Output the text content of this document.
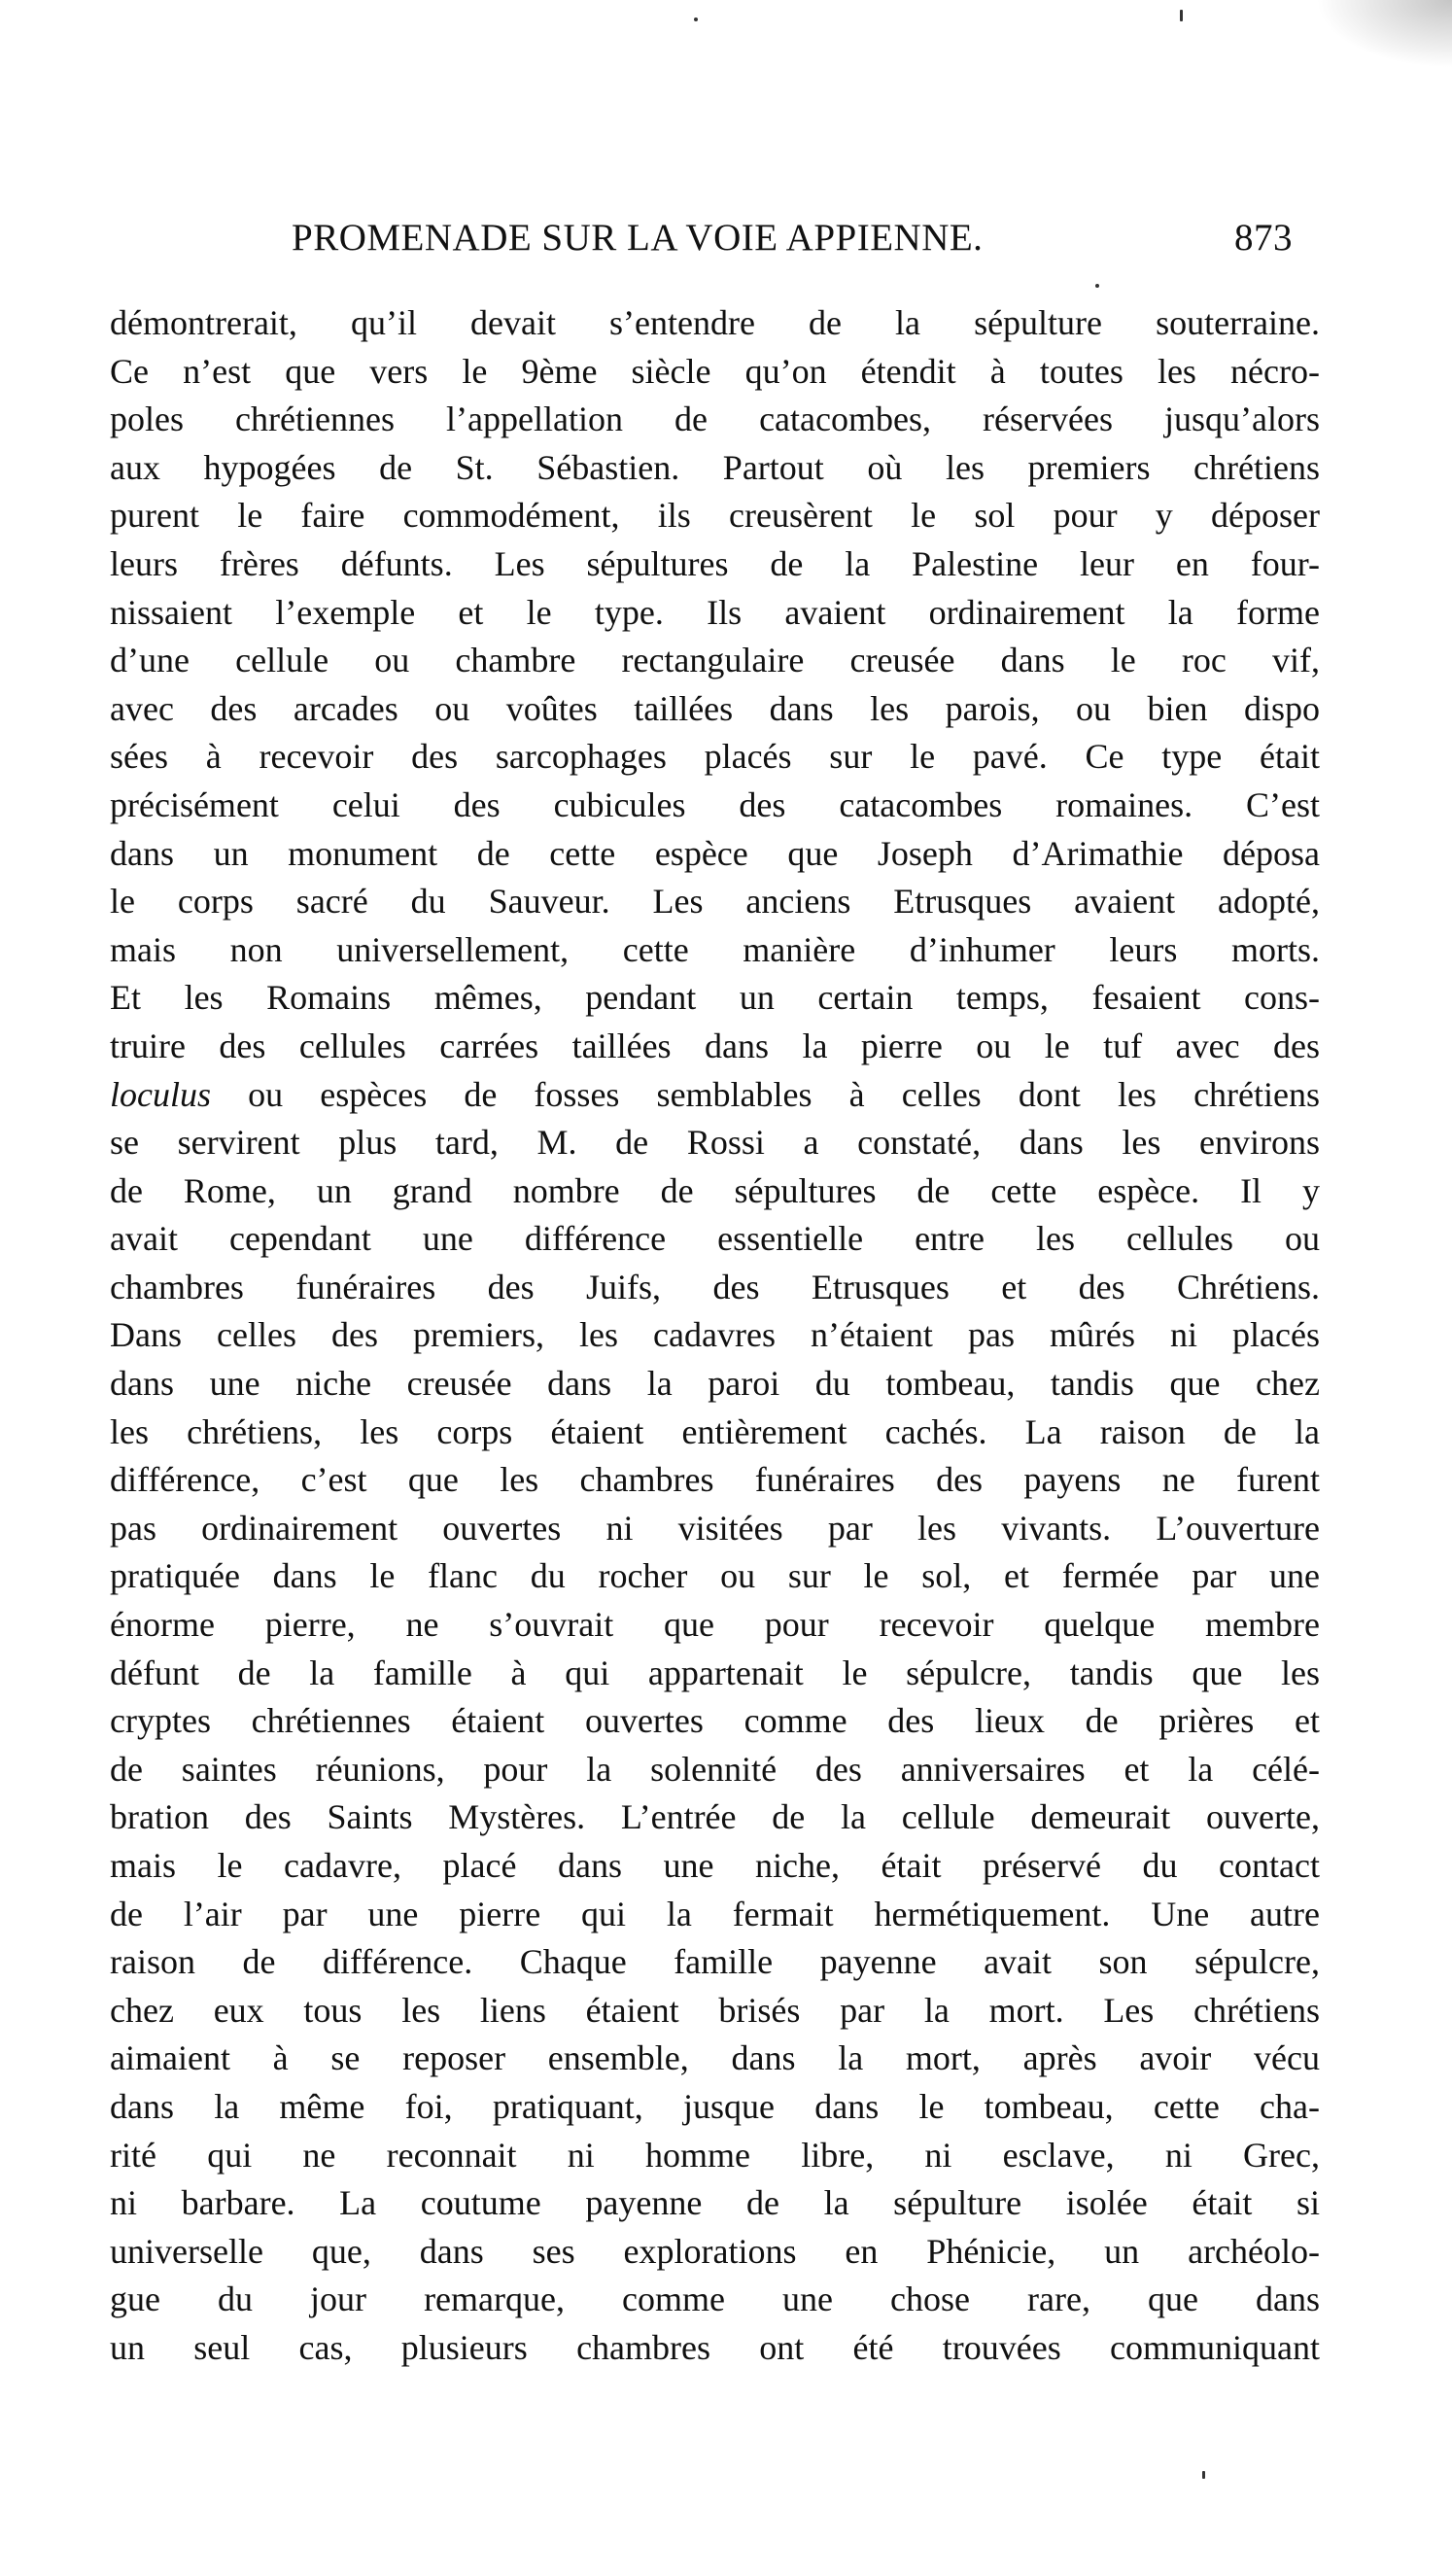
PROMENADE SUR LA VOIE APPIENNE.	873
démontrerait, qu’il devait s’entendre de la sépulture souterraine.
Ce n’est que vers le 9ème siècle qu’on étendit à toutes les nécro-
poles chrétiennes l’appellation de catacombes, réservées jusqu’alors
aux hypogées de St. Sébastien. Partout où les premiers chrétiens
purent le faire commodément, ils creusèrent le sol pour y déposer
leurs frères défunts. Les sépultures de la Palestine leur en four-
nissaient l’exemple et le type. Ils avaient ordinairement la forme
d’une cellule ou chambre rectangulaire creusée dans le roc vif,
avec des arcades ou voûtes taillées dans les parois, ou bien dispo
sées à recevoir des sarcophages placés sur le pavé. Ce type était
précisément celui des cubicules des catacombes romaines. C’est
dans un monument de cette espèce que Joseph d’Arimathie déposa
le corps sacré du Sauveur. Les anciens Etrusques avaient adopté,
mais non universellement, cette manière d’inhumer leurs morts.
Et les Romains mêmes, pendant un certain temps, fesaient cons-
truire des cellules carrées taillées dans la pierre ou le tuf avec des
loculus ou espèces de fosses semblables à celles dont les chrétiens
se servirent plus tard, M. de Rossi a constaté, dans les environs
de Rome, un grand nombre de sépultures de cette espèce. Il y
avait cependant une différence essentielle entre les cellules ou
chambres funéraires des Juifs, des Etrusques et des Chrétiens.
Dans celles des premiers, les cadavres n’étaient pas mûrés ni placés
dans une niche creusée dans la paroi du tombeau, tandis que chez
les chrétiens, les corps étaient entièrement cachés. La raison de la
différence, c’est que les chambres funéraires des payens ne furent
pas ordinairement ouvertes ni visitées par les vivants. L’ouverture
pratiquée dans le flanc du rocher ou sur le sol, et fermée par une
énorme pierre, ne s’ouvrait que pour recevoir quelque membre
défunt de la famille à qui appartenait le sépulcre, tandis que les
cryptes chrétiennes étaient ouvertes comme des lieux de prières et
de saintes réunions, pour la solennité des anniversaires et la célé-
bration des Saints Mystères. L’entrée de la cellule demeurait ouverte,
mais le cadavre, placé dans une niche, était préservé du contact
de l’air par une pierre qui la fermait hermétiquement. Une autre
raison de différence. Chaque famille payenne avait son sépulcre,
chez eux tous les liens étaient brisés par la mort. Les chrétiens
aimaient à se reposer ensemble, dans la mort, après avoir vécu
dans la même foi, pratiquant, jusque dans le tombeau, cette cha-
rité qui ne reconnait ni homme libre, ni esclave, ni Grec,
ni barbare. La coutume payenne de la sépulture isolée était si
universelle que, dans ses explorations en Phénicie, un archéolo-
gue du jour remarque, comme une chose rare, que dans
un seul cas, plusieurs chambres ont été trouvées communiquant
